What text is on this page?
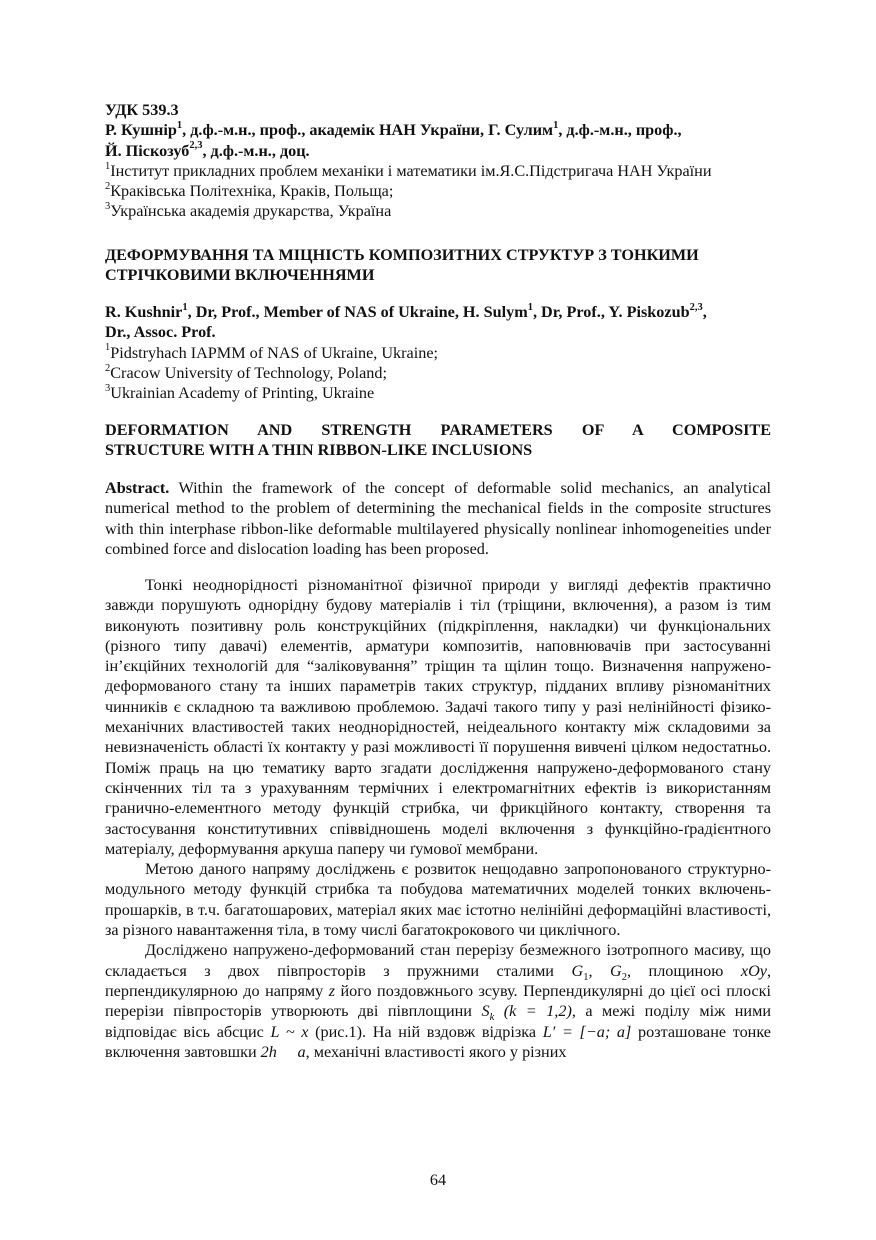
УДК 539.3
Р. Кушнір$^1$, д.ф.-м.н., проф., академік НАН України, Г. Сулим$^1$, д.ф.-м.н., проф.,
Й. Піскозуб$^{2,3}$, д.ф.-м.н., доц.
$^1$Інститут прикладних проблем механіки і математики ім.Я.С.Підстригача НАН України
$^2$Краківська Політехніка, Краків, Польща;
$^3$Українська академія друкарства, Україна
ДЕФОРМУВАННЯ ТА МІЦНІСТЬ КОМПОЗИТНИХ СТРУКТУР З ТОНКИМИ
СТРІЧКОВИМИ ВКЛЮЧЕННЯМИ
R. Kushnir$^1$, Dr, Prof., Member of NAS of Ukraine, H. Sulym$^1$, Dr, Prof., Y. Piskozub$^{2,3}$,
Dr., Assoc. Prof.
$^1$Pidstryhach IAPMM of NAS of Ukraine, Ukraine;
$^2$Cracow University of Technology, Poland;
$^3$Ukrainian Academy of Printing, Ukraine
DEFORMATION AND STRENGTH PARAMETERS OF A COMPOSITE
STRUCTURE WITH A THIN RIBBON-LIKE INCLUSIONS
Abstract. Within the framework of the concept of deformable solid mechanics, an analytical numerical method to the problem of determining the mechanical fields in the composite structures with thin interphase ribbon-like deformable multilayered physically nonlinear inhomogeneities under combined force and dislocation loading has been proposed.
Тонкі неоднорідності різноманітної фізичної природи у вигляді дефектів практично завжди порушують однорідну будову матеріалів і тіл (тріщини, включення), а разом із тим виконують позитивну роль конструкційних (підкріплення, накладки) чи функціональних (різного типу давачі) елементів, арматури композитів, наповнювачів при застосуванні ін’єкційних технологій для “заліковування” тріщин та щілин тощо. Визначення напружено-деформованого стану та інших параметрів таких структур, підданих впливу різноманітних чинників є складною та важливою проблемою. Задачі такого типу у разі нелінійності фізико-механічних властивостей таких неоднорідностей, неідеального контакту між складовими за невизначеність області їх контакту у разі можливості її порушення вивчені цілком недостатньо. Поміж праць на цю тематику варто згадати дослідження напружено-деформованого стану скінченних тіл та з урахуванням термічних і електромагнітних ефектів із використанням гранично-елементного методу функцій стрибка, чи фрикційного контакту, створення та застосування конститутивних співвідношень моделі включення з функційно-ґрадієнтного матеріалу, деформування аркуша паперу чи ґумової мембрани.
Метою даного напряму досліджень є розвиток нещодавно запропонованого структурно-модульного методу функцій стрибка та побудова математичних моделей тонких включень-прошарків, в т.ч. багатошарових, матеріал яких має істотно нелінійні деформаційні властивості, за різного навантаження тіла, в тому числі багатокрокового чи циклічного.
Досліджено напружено-деформований стан перерізу безмежного ізотропного масиву, що складається з двох півпросторів з пружними сталими $G_1$, $G_2$, площиною xOy, перпендикулярною до напряму z його поздовжнього зсуву. Перпендикулярні до цієї осі плоскі перерізи півпросторів утворюють дві півплощини $S_k$ (k = 1,2), а межі поділу між ними відповідає вісь абсцис L ~ x (рис.1). На ній вздовж відрізка L′ = [−a; a] розташоване тонке включення завтовшки 2h ⃞ a, механічні властивості якого у різних
64
